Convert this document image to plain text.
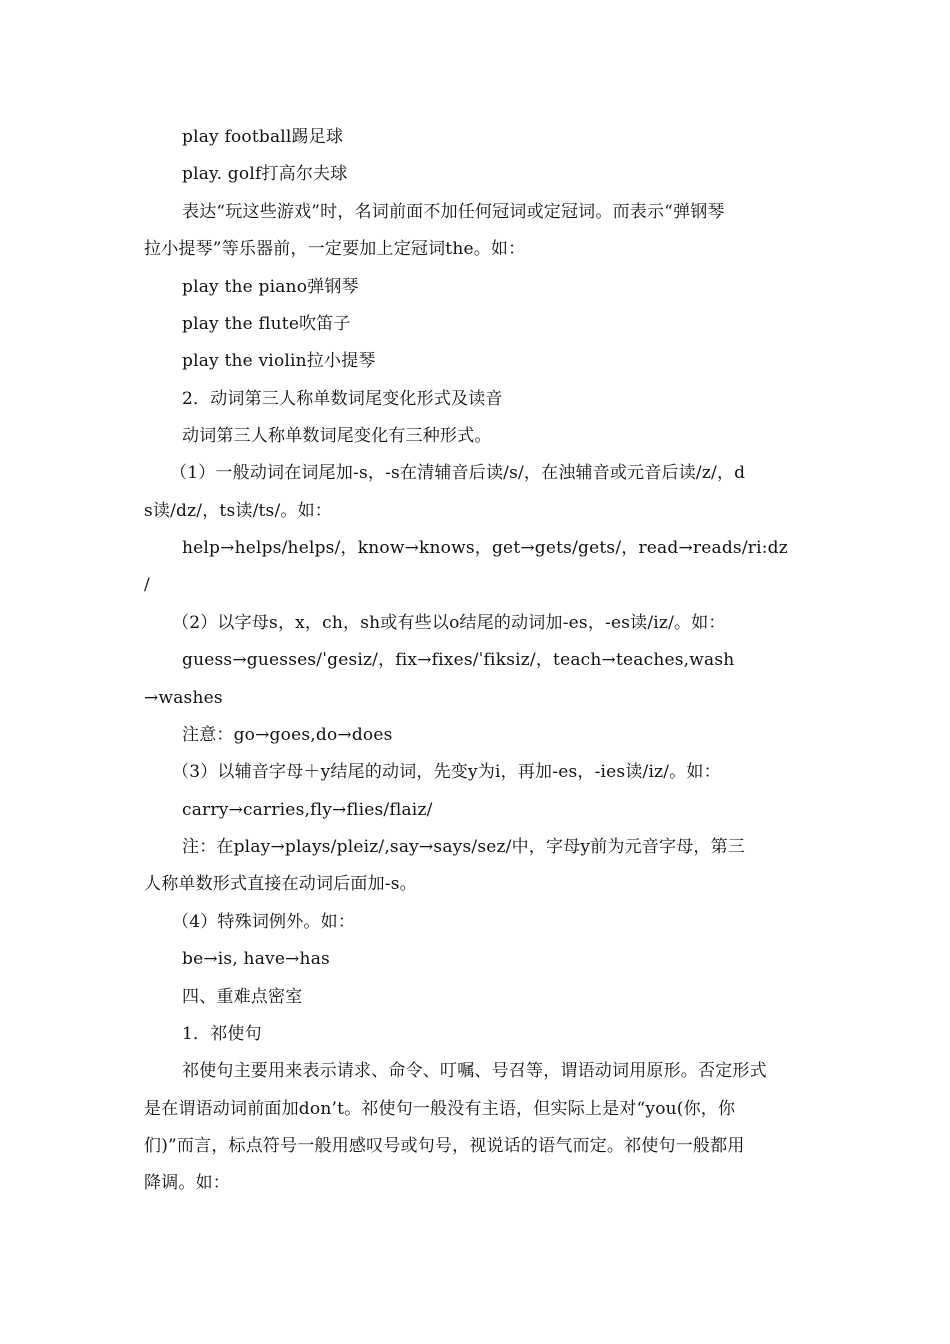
play football踢足球
play. golf打高尔夫球
表达“玩这些游戏”时，名词前面不加任何冠词或定冠词。而表示“弹钢琴
拉小提琴”等乐器前，一定要加上定冠词the。如：
play the piano弹钢琴
play the flute吹笛子
play the violin拉小提琴
2．动词第三人称单数词尾变化形式及读音
动词第三人称单数词尾变化有三种形式。
（1）一般动词在词尾加-s，-s在清辅音后读/s/，在浊辅音或元音后读/z/，d
s读/dz/，ts读/ts/。如：
help→helps/helps/，know→knows，get→gets/gets/，read→reads/ri:dz
/
（2）以字母s，x，ch，sh或有些以o结尾的动词加-es，-es读/iz/。如：
guess→guesses/ˈgesiz/，fix→fixes/ˈfiksiz/，teach→teaches,wash
→washes
注意：go→goes,do→does
（3）以辅音字母＋y结尾的动词，先变y为i，再加-es，-ies读/iz/。如：
carry→carries,fly→flies/flaiz/
注：在play→plays/pleiz/,say→says/sez/中，字母y前为元音字母，第三
人称单数形式直接在动词后面加-s。
（4）特殊词例外。如：
be→is, have→has
四、重难点密室
1．祁使句
祁使句主要用来表示请求、命令、叮嘱、号召等，谓语动词用原形。否定形式
是在谓语动词前面加don’t。祁使句一般没有主语，但实际上是对“you(你，你
们)”而言，标点符号一般用感叹号或句号，视说话的语气而定。祁使句一般都用
降调。如：
